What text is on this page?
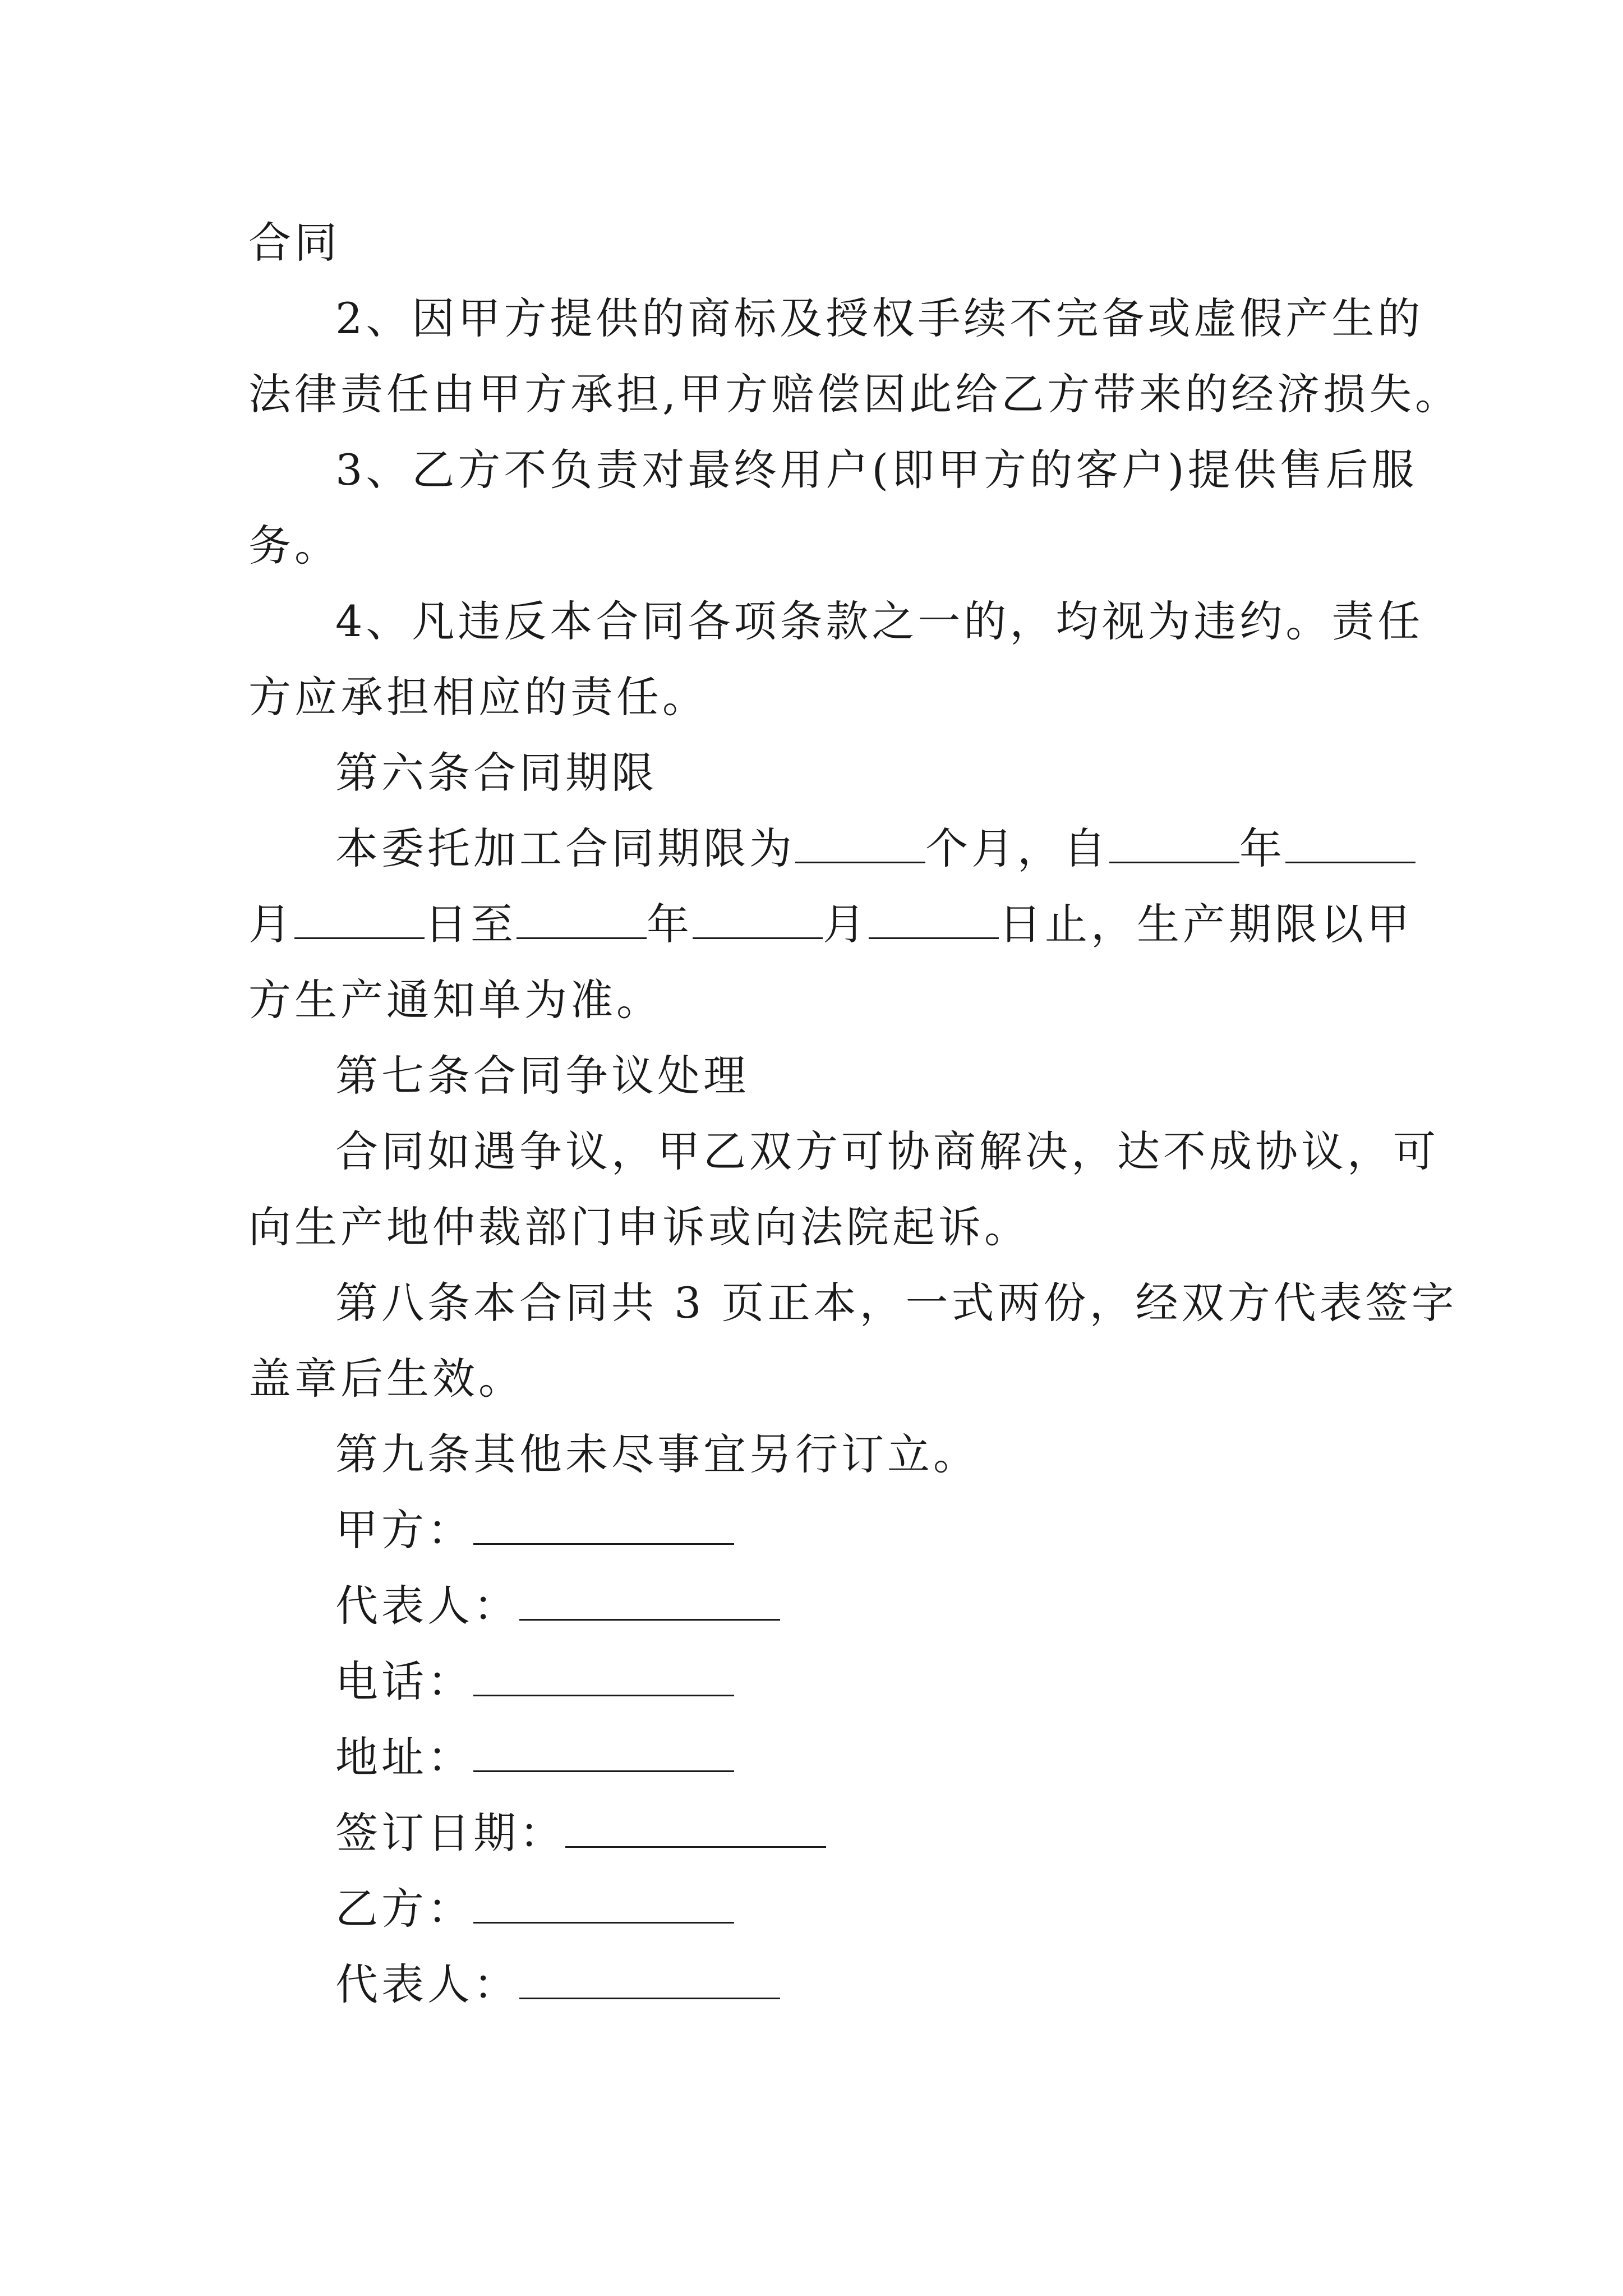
合同
2、因甲方提供的商标及授权手续不完备或虚假产生的
法律责任由甲方承担,甲方赔偿因此给乙方带来的经济损失。
3、乙方不负责对最终用户(即甲方的客户)提供售后服
务。
4、凡违反本合同各项条款之一的，均视为违约。责任
方应承担相应的责任。
第六条合同期限
本委托加工合同期限为	个月，自	年
月	日至	年	月	日止，生产期限以甲
方生产通知单为准。
第七条合同争议处理
合同如遇争议，甲乙双方可协商解决，达不成协议，可
向生产地仲裁部门申诉或向法院起诉。
第八条本合同共 3 页正本，一式两份，经双方代表签字
盖章后生效。
第九条其他未尽事宜另行订立。
甲方：
代表人：
电话：
地址：
签订日期：
乙方：
代表人：
